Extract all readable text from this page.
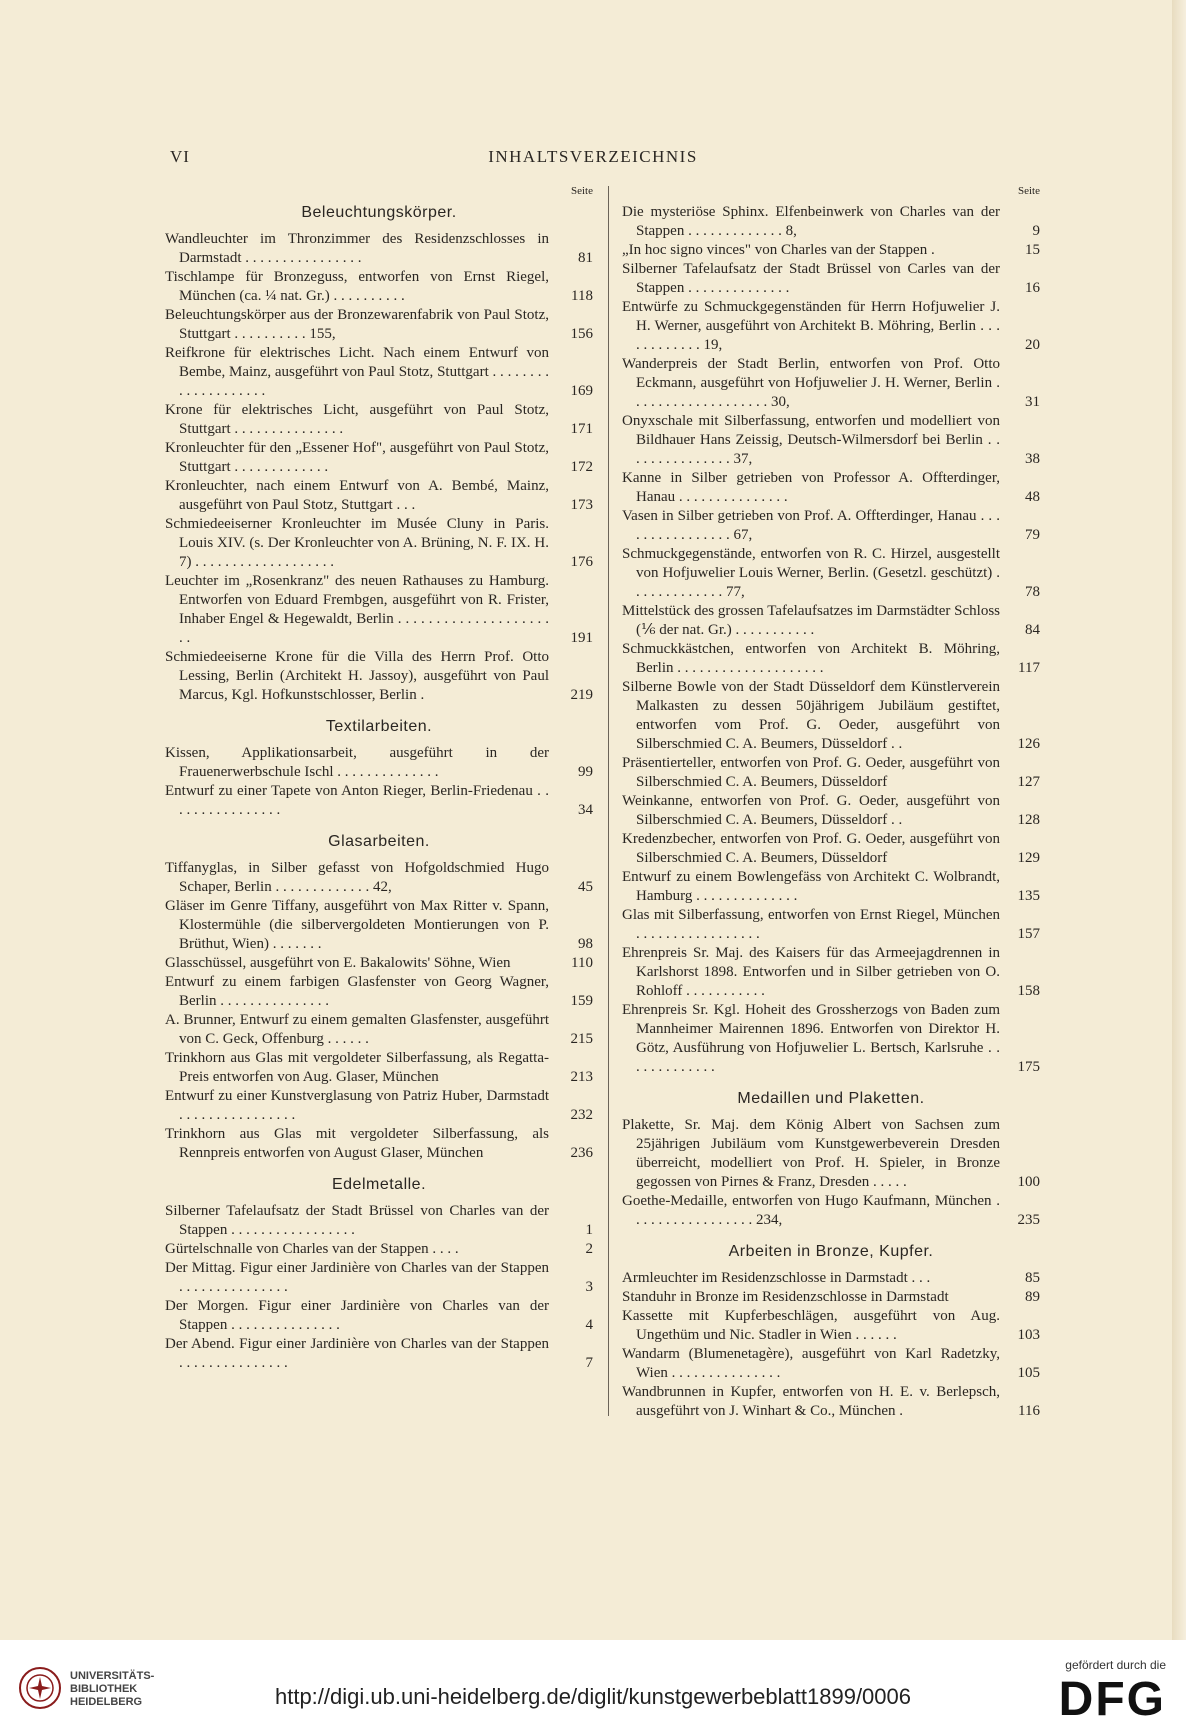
VI	INHALTSVERZEICHNIS
Seite
Beleuchtungskörper.
Wandleuchter im Thronzimmer des Residenzschlosses in Darmstadt . . . . . . . . . . . . . . . .	81
Tischlampe für Bronzeguss, entworfen von Ernst Riegel, München (ca. ¼ nat. Gr.) . . . . . . . . . .	118
Beleuchtungskörper aus der Bronzewarenfabrik von Paul Stotz, Stuttgart . . . . . . . . . . 155,	156
Reifkrone für elektrisches Licht. Nach einem Entwurf von Bembe, Mainz, ausgeführt von Paul Stotz, Stuttgart . . . . . . . . . . . . . . . . . . . .	169
Krone für elektrisches Licht, ausgeführt von Paul Stotz, Stuttgart . . . . . . . . . . . . . . .	171
Kronleuchter für den „Essener Hof", ausgeführt von Paul Stotz, Stuttgart . . . . . . . . . . . . .	172
Kronleuchter, nach einem Entwurf von A. Bembé, Mainz, ausgeführt von Paul Stotz, Stuttgart . . .	173
Schmiedeeiserner Kronleuchter im Musée Cluny in Paris. Louis XIV. (s. Der Kronleuchter von A. Brüning, N. F. IX. H. 7) . . . . . . . . . . . . . . . . . . .	176
Leuchter im „Rosenkranz" des neuen Rathauses zu Hamburg. Entworfen von Eduard Frembgen, ausgeführt von R. Frister, Inhaber Engel & Hegewaldt, Berlin . . . . . . . . . . . . . . . . . . . . . .	191
Schmiedeeiserne Krone für die Villa des Herrn Prof. Otto Lessing, Berlin (Architekt H. Jassoy), ausgeführt von Paul Marcus, Kgl. Hofkunstschlosser, Berlin .	219
Textilarbeiten.
Kissen, Applikationsarbeit, ausgeführt in der Frauenerwerbschule Ischl . . . . . . . . . . . . . .	99
Entwurf zu einer Tapete von Anton Rieger, Berlin-Friedenau . . . . . . . . . . . . . . . .	34
Glasarbeiten.
Tiffanyglas, in Silber gefasst von Hofgoldschmied Hugo Schaper, Berlin . . . . . . . . . . . . . 42,	45
Gläser im Genre Tiffany, ausgeführt von Max Ritter v. Spann, Klostermühle (die silbervergoldeten Montierungen von P. Brüthut, Wien) . . . . . . .	98
Glasschüssel, ausgeführt von E. Bakalowits' Söhne, Wien	110
Entwurf zu einem farbigen Glasfenster von Georg Wagner, Berlin . . . . . . . . . . . . . . .	159
A. Brunner, Entwurf zu einem gemalten Glasfenster, ausgeführt von C. Geck, Offenburg . . . . . .	215
Trinkhorn aus Glas mit vergoldeter Silberfassung, als Regatta-Preis entworfen von Aug. Glaser, München	213
Entwurf zu einer Kunstverglasung von Patriz Huber, Darmstadt . . . . . . . . . . . . . . . .	232
Trinkhorn aus Glas mit vergoldeter Silberfassung, als Rennpreis entworfen von August Glaser, München	236
Edelmetalle.
Silberner Tafelaufsatz der Stadt Brüssel von Charles van der Stappen . . . . . . . . . . . . . . . . .	1
Gürtelschnalle von Charles van der Stappen . . . .	2
Der Mittag. Figur einer Jardinière von Charles van der Stappen . . . . . . . . . . . . . . .	3
Der Morgen. Figur einer Jardinière von Charles van der Stappen . . . . . . . . . . . . . . .	4
Der Abend. Figur einer Jardinière von Charles van der Stappen . . . . . . . . . . . . . . .	7
Seite
Die mysteriöse Sphinx. Elfenbeinwerk von Charles van der Stappen . . . . . . . . . . . . . 8,	9
„In hoc signo vinces" von Charles van der Stappen .	15
Silberner Tafelaufsatz der Stadt Brüssel von Carles van der Stappen . . . . . . . . . . . . . .	16
Entwürfe zu Schmuckgegenständen für Herrn Hofjuwelier J. H. Werner, ausgeführt von Architekt B. Möhring, Berlin . . . . . . . . . . . . 19,	20
Wanderpreis der Stadt Berlin, entworfen von Prof. Otto Eckmann, ausgeführt von Hofjuwelier J. H. Werner, Berlin . . . . . . . . . . . . . . . . . . . 30,	31
Onyxschale mit Silberfassung, entworfen und modelliert von Bildhauer Hans Zeissig, Deutsch-Wilmersdorf bei Berlin . . . . . . . . . . . . . . . 37,	38
Kanne in Silber getrieben von Professor A. Offterdinger, Hanau . . . . . . . . . . . . . . .	48
Vasen in Silber getrieben von Prof. A. Offterdinger, Hanau . . . . . . . . . . . . . . . . 67,	79
Schmuckgegenstände, entworfen von R. C. Hirzel, ausgestellt von Hofjuwelier Louis Werner, Berlin. (Gesetzl. geschützt) . . . . . . . . . . . . . 77,	78
Mittelstück des grossen Tafelaufsatzes im Darmstädter Schloss (⅙ der nat. Gr.) . . . . . . . . . . .	84
Schmuckkästchen, entworfen von Architekt B. Möhring, Berlin . . . . . . . . . . . . . . . . . . . .	117
Silberne Bowle von der Stadt Düsseldorf dem Künstlerverein Malkasten zu dessen 50jährigem Jubiläum gestiftet, entworfen vom Prof. G. Oeder, ausgeführt von Silberschmied C. A. Beumers, Düsseldorf . .	126
Präsentierteller, entworfen von Prof. G. Oeder, ausgeführt von Silberschmied C. A. Beumers, Düsseldorf	127
Weinkanne, entworfen von Prof. G. Oeder, ausgeführt von Silberschmied C. A. Beumers, Düsseldorf . .	128
Kredenzbecher, entworfen von Prof. G. Oeder, ausgeführt von Silberschmied C. A. Beumers, Düsseldorf	129
Entwurf zu einem Bowlengefäss von Architekt C. Wolbrandt, Hamburg . . . . . . . . . . . . . .	135
Glas mit Silberfassung, entworfen von Ernst Riegel, München . . . . . . . . . . . . . . . . .	157
Ehrenpreis Sr. Maj. des Kaisers für das Armeejagdrennen in Karlshorst 1898. Entworfen und in Silber getrieben von O. Rohloff . . . . . . . . . . .	158
Ehrenpreis Sr. Kgl. Hoheit des Grossherzogs von Baden zum Mannheimer Mairennen 1896. Entworfen von Direktor H. Götz, Ausführung von Hofjuwelier L. Bertsch, Karlsruhe . . . . . . . . . . . . .	175
Medaillen und Plaketten.
Plakette, Sr. Maj. dem König Albert von Sachsen zum 25jährigen Jubiläum vom Kunstgewerbeverein Dresden überreicht, modelliert von Prof. H. Spieler, in Bronze gegossen von Pirnes & Franz, Dresden . . . . .	100
Goethe-Medaille, entworfen von Hugo Kaufmann, München . . . . . . . . . . . . . . . . . 234,	235
Arbeiten in Bronze, Kupfer.
Armleuchter im Residenzschlosse in Darmstadt . . .	85
Standuhr in Bronze im Residenzschlosse in Darmstadt	89
Kassette mit Kupferbeschlägen, ausgeführt von Aug. Ungethüm und Nic. Stadler in Wien . . . . . .	103
Wandarm (Blumenetagère), ausgeführt von Karl Radetzky, Wien . . . . . . . . . . . . . . .	105
Wandbrunnen in Kupfer, entworfen von H. E. v. Berlepsch, ausgeführt von J. Winhart & Co., München .	116
UNIVERSITÄTS-
BIBLIOTHEK
HEIDELBERG	http://digi.ub.uni-heidelberg.de/diglit/kunstgewerbeblatt1899/0006
gefördert durch die
DFG
